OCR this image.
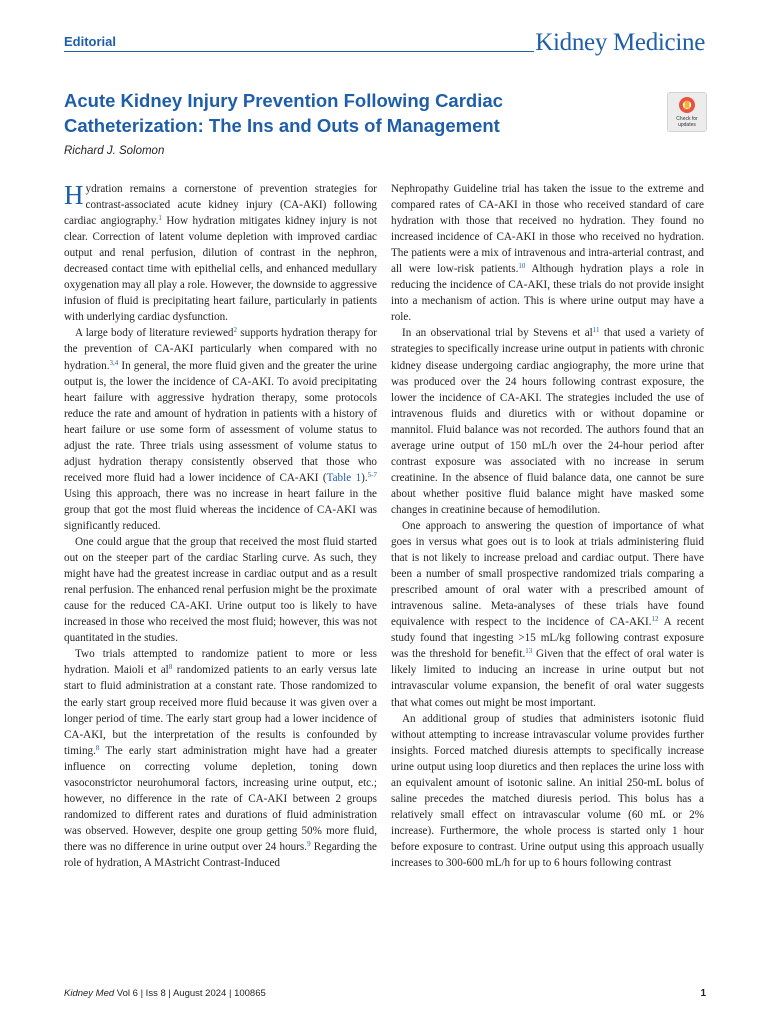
Editorial	Kidney Medicine
Acute Kidney Injury Prevention Following Cardiac Catheterization: The Ins and Outs of Management	Check for
updates
Richard J. Solomon

Hydration remains a cornerstone of prevention strategies for contrast-associated acute kidney injury (CA-AKI) following cardiac angiography.$^1$ How hydration mitigates kidney injury is not clear. Correction of latent volume depletion with improved cardiac output and renal perfusion, dilution of contrast in the nephron, decreased contact time with epithelial cells, and enhanced medullary oxygenation may all play a role. However, the downside to aggressive infusion of fluid is precipitating heart failure, particularly in patients with underlying cardiac dysfunction.

A large body of literature reviewed$^2$ supports hydration therapy for the prevention of CA-AKI particularly when compared with no hydration.$^{3,4}$ In general, the more fluid given and the greater the urine output is, the lower the incidence of CA-AKI. To avoid precipitating heart failure with aggressive hydration therapy, some protocols reduce the rate and amount of hydration in patients with a history of heart failure or use some form of assessment of volume status to adjust the rate. Three trials using assessment of volume status to adjust hydration therapy consistently observed that those who received more fluid had a lower incidence of CA-AKI (Table 1).$^{5-7}$ Using this approach, there was no increase in heart failure in the group that got the most fluid whereas the incidence of CA-AKI was significantly reduced.

One could argue that the group that received the most fluid started out on the steeper part of the cardiac Starling curve. As such, they might have had the greatest increase in cardiac output and as a result renal perfusion. The enhanced renal perfusion might be the proximate cause for the reduced CA-AKI. Urine output too is likely to have increased in those who received the most fluid; however, this was not quantitated in the studies.

Two trials attempted to randomize patient to more or less hydration. Maioli et $al^8$ randomized patients to an early versus late start to fluid administration at a constant rate. Those randomized to the early start group received more fluid because it was given over a longer period of time. The early start group had a lower incidence of CA-AKI, but the interpretation of the results is confounded by timing.$^8$ The early start administration might have had a greater influence on correcting volume depletion, toning down vasoconstrictor neurohumoral factors, increasing urine output, etc.; however, no difference in the rate of CA-AKI between 2 groups randomized to different rates and durations of fluid administration was observed. However, despite one group getting 50% more fluid, there was no difference in urine output over 24 hours.$^9$ Regarding the role of hydration, A MAstricht Contrast-Induced

Nephropathy Guideline trial has taken the issue to the extreme and compared rates of CA-AKI in those who received standard of care hydration with those that received no hydration. They found no increased incidence of CA-AKI in those who received no hydration. The patients were a mix of intravenous and intra-arterial contrast, and all were low-risk patients.$^{10}$ Although hydration plays a role in reducing the incidence of CA-AKI, these trials do not provide insight into a mechanism of action. This is where urine output may have a role.

In an observational trial by Stevens et $al^{11}$ that used a variety of strategies to specifically increase urine output in patients with chronic kidney disease undergoing cardiac angiography, the more urine that was produced over the 24 hours following contrast exposure, the lower the incidence of CA-AKI. The strategies included the use of intravenous fluids and diuretics with or without dopamine or mannitol. Fluid balance was not recorded. The authors found that an average urine output of 150 mL/h over the 24-hour period after contrast exposure was associated with no increase in serum creatinine. In the absence of fluid balance data, one cannot be sure about whether positive fluid balance might have masked some changes in creatinine because of hemodilution.

One approach to answering the question of importance of what goes in versus what goes out is to look at trials administering fluid that is not likely to increase preload and cardiac output. There have been a number of small prospective randomized trials comparing a prescribed amount of oral water with a prescribed amount of intravenous saline. Meta-analyses of these trials have found equivalence with respect to the incidence of CA-AKI.$^{12}$ A recent study found that ingesting >15 mL/kg following contrast exposure was the threshold for benefit.$^{13}$ Given that the effect of oral water is likely limited to inducing an increase in urine output but not intravascular volume expansion, the benefit of oral water suggests that what comes out might be most important.

An additional group of studies that administers isotonic fluid without attempting to increase intravascular volume provides further insights. Forced matched diuresis attempts to specifically increase urine output using loop diuretics and then replaces the urine loss with an equivalent amount of isotonic saline. An initial 250-mL bolus of saline precedes the matched diuresis period. This bolus has a relatively small effect on intravascular volume (60 mL or 2% increase). Furthermore, the whole process is started only 1 hour before exposure to contrast. Urine output using this approach usually increases to 300-600 mL/h for up to 6 hours following contrast

Kidney Med Vol 6 | Iss 8 | August 2024 | 100865	1
